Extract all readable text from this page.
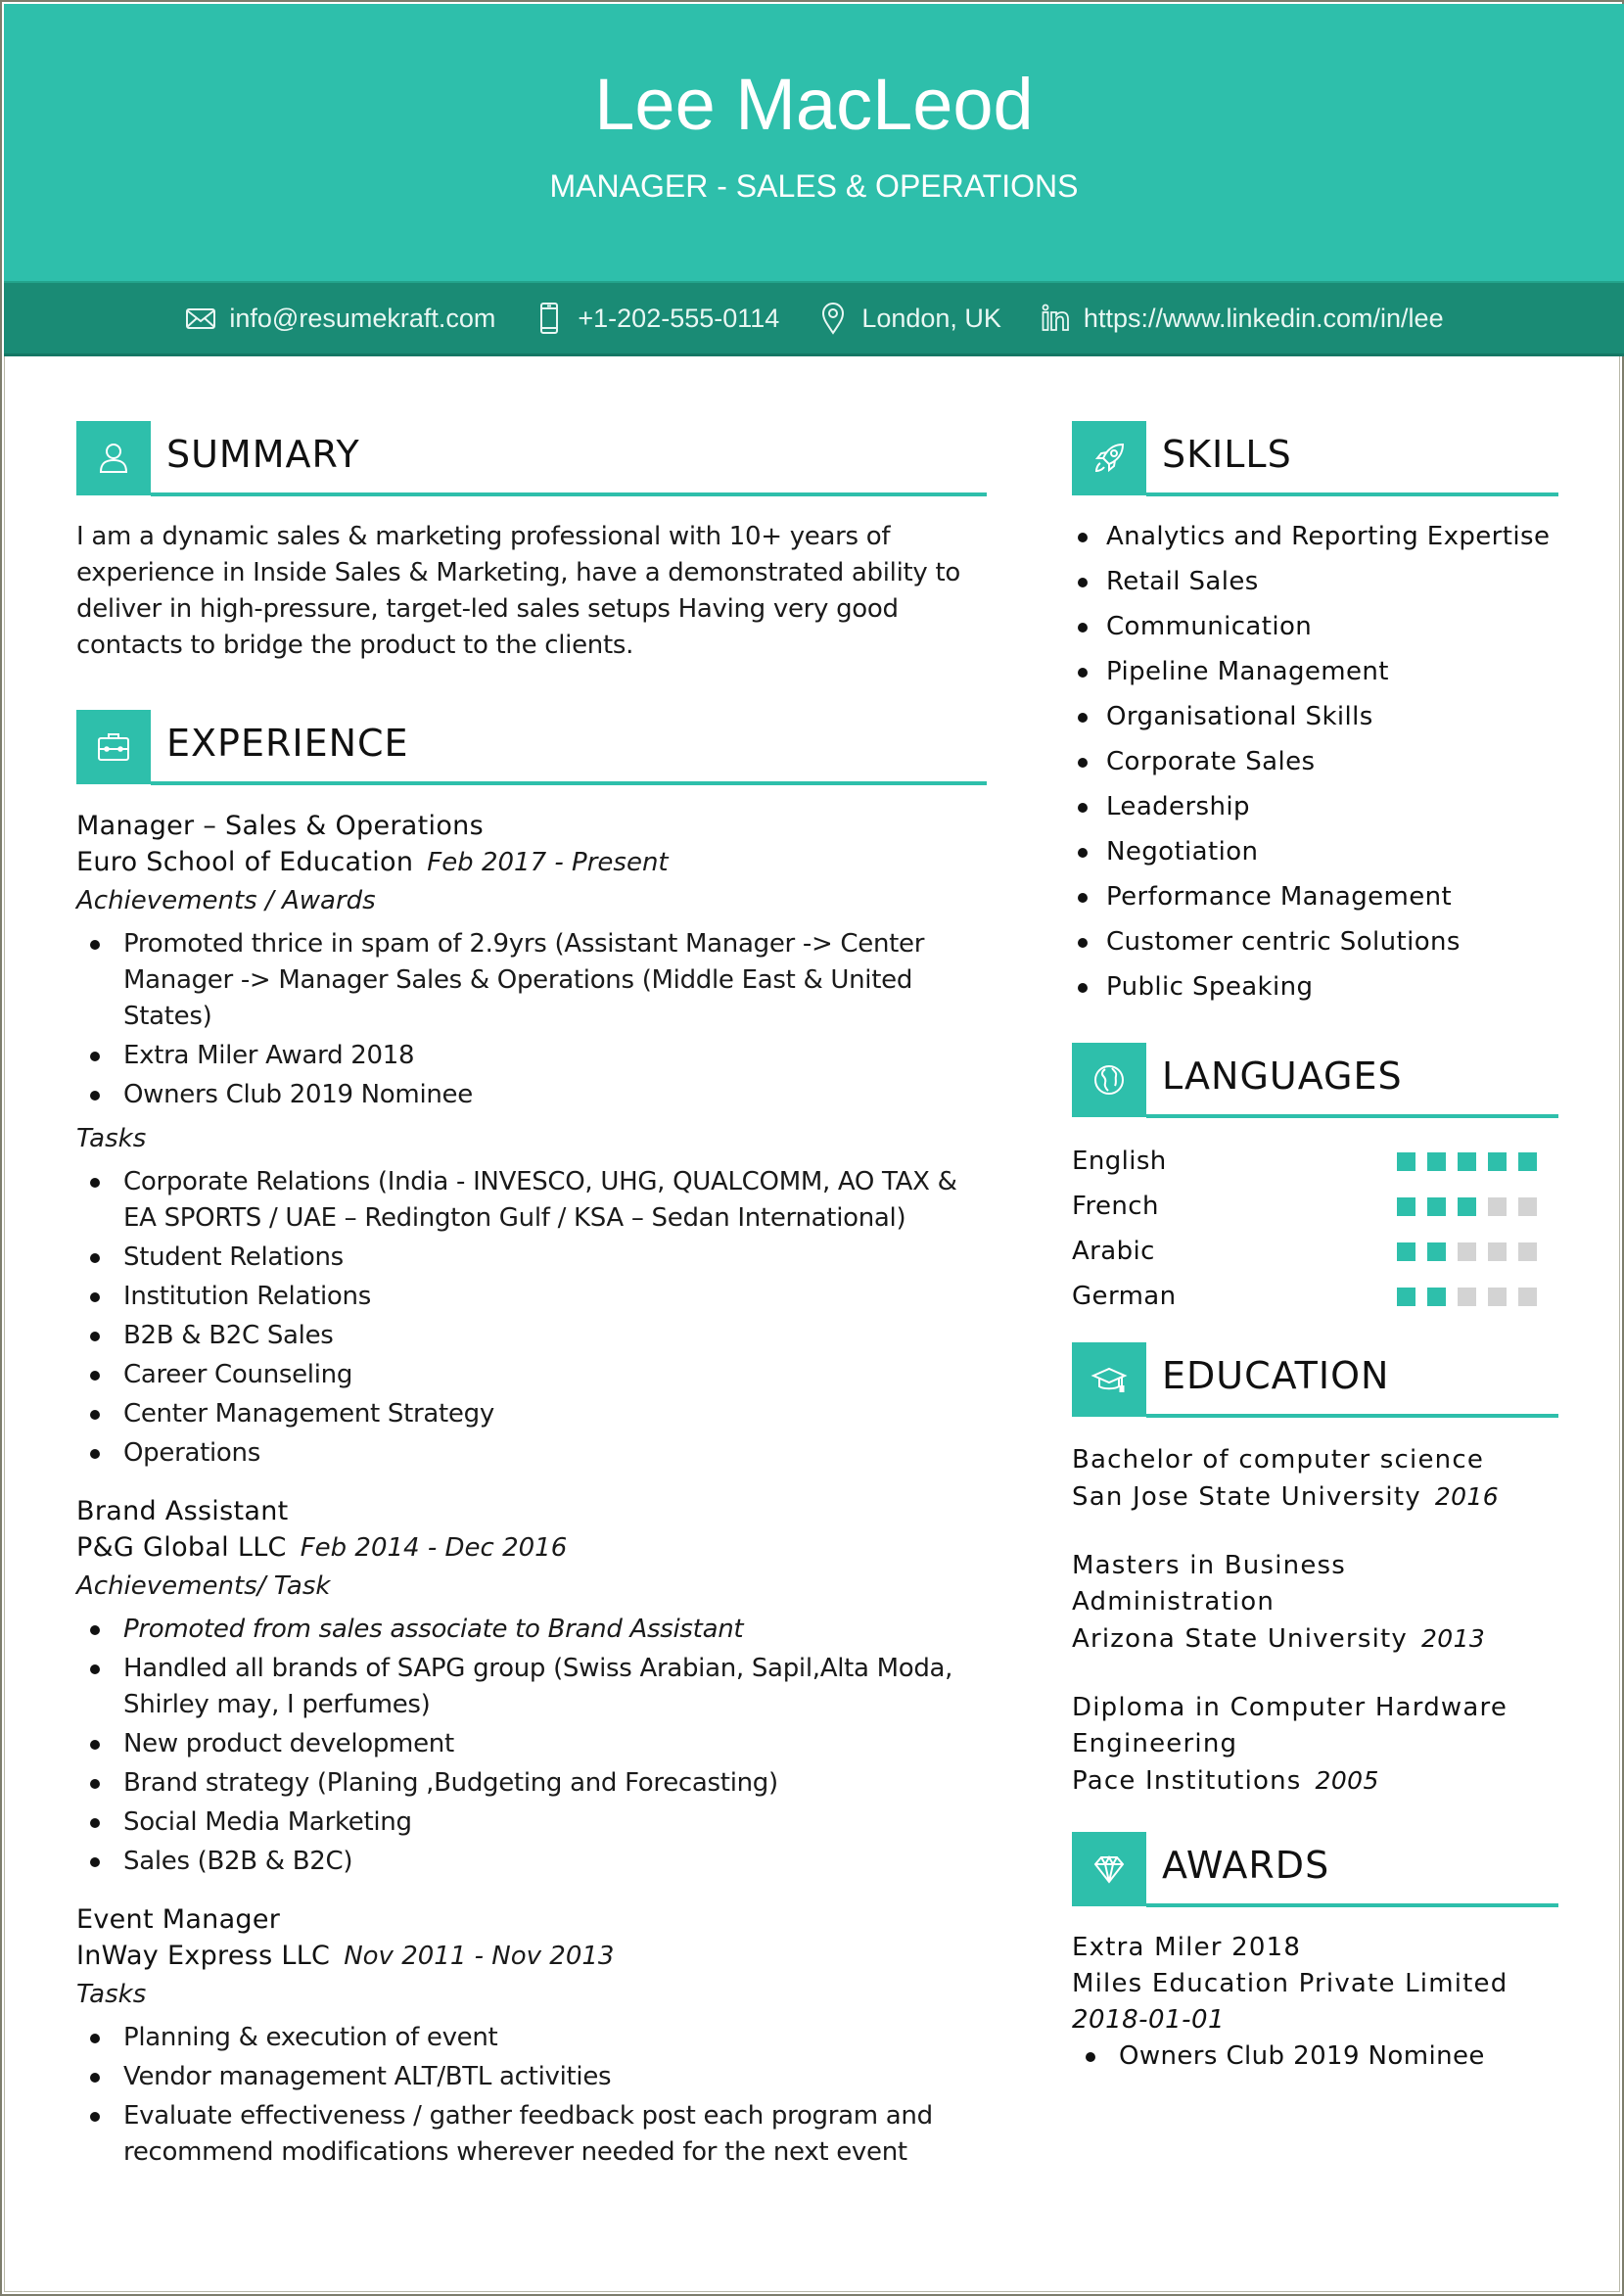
Lee MacLeod
MANAGER - SALES & OPERATIONS
info@resumekraft.com	+1-202-555-0114	London, UK	https://www.linkedin.com/in/lee
SUMMARY

I am a dynamic sales & marketing professional with 10+ years of experience in Inside Sales & Marketing, have a demonstrated ability to deliver in high-pressure, target-led sales setups Having very good contacts to bridge the product to the clients.

EXPERIENCE
Manager – Sales & Operations
Euro School of Education Feb 2017 - Present
Achievements / Awards
Promoted thrice in spam of 2.9yrs (Assistant Manager -> Center Manager -> Manager Sales & Operations (Middle East & United States)
Extra Miler Award 2018
Owners Club 2019 Nominee
Tasks
Corporate Relations (India - INVESCO, UHG, QUALCOMM, AO TAX & EA SPORTS / UAE – Redington Gulf / KSA – Sedan International)
Student Relations
Institution Relations
B2B & B2C Sales
Career Counseling
Center Management Strategy
Operations
Brand Assistant
P&G Global LLC Feb 2014 - Dec 2016
Achievements/ Task
Promoted from sales associate to Brand Assistant
Handled all brands of SAPG group (Swiss Arabian, Sapil,Alta Moda, Shirley may, I perfumes)
New product development
Brand strategy (Planing ,Budgeting and Forecasting)
Social Media Marketing
Sales (B2B & B2C)
Event Manager
InWay Express LLC Nov 2011 - Nov 2013
Tasks
Planning & execution of event
Vendor management ALT/BTL activities
Evaluate effectiveness / gather feedback post each program and recommend modifications wherever needed for the next event
SKILLS
Analytics and Reporting Expertise
Retail Sales
Communication
Pipeline Management
Organisational Skills
Corporate Sales
Leadership
Negotiation
Performance Management
Customer centric Solutions
Public Speaking
LANGUAGES
English
French
Arabic
German
EDUCATION
Bachelor of computer science
San Jose State University 2016
Masters in Business Administration
Arizona State University 2013
Diploma in Computer Hardware Engineering
Pace Institutions 2005
AWARDS
Extra Miler 2018
Miles Education Private Limited
2018-01-01
Owners Club 2019 Nominee
